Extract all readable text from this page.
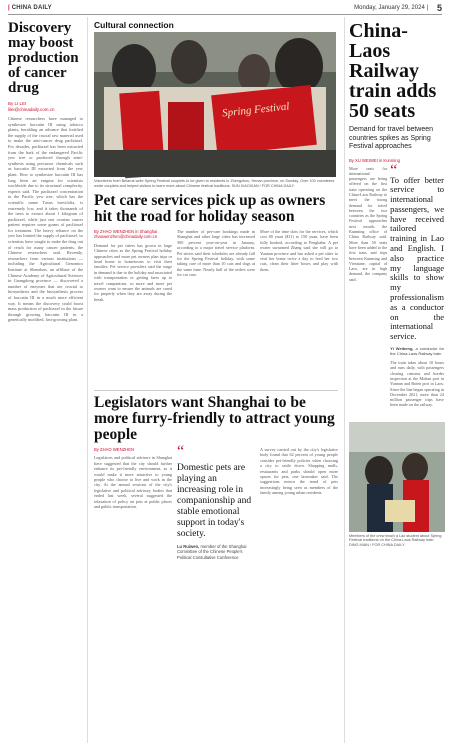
| CHINA DAILY	Monday, January 29, 2024 | 5
Discovery may boost production of cancer drug
By LI LEI
lilei@chinadaily.com.cn
Chinese researchers have managed to synthesize baccatin III using tobacco plants, heralding an advance that fortified the supply of the crucial raw material used to make the anti-cancer drug paclitaxel. For decades, paclitaxel has been extracted from the bark of the endangered Pacific yew tree or produced through semi-synthesis using precursor chemicals such as baccatin III extracted from the yew plant. How to synthesize baccatin III has long been an enigma for scientists worldwide due to its structural complexity, experts said. The paclitaxel concentration in the Pacific yew tree, which has the scientific name Taxus brevifolia, is extremely low, and it takes thousands of the trees to extract about 1 kilogram of paclitaxel, while just one ovarian cancer patient requires some grams of paclitaxel for treatment. The heavy reliance on the yew has limited the supply of paclitaxel, so scientists have sought to make the drug out of reach for many cancer patients, the Chinese researchers said. Recently, researchers from various institutions — including the Agricultural Genomics Institute at Shenzhen, an affiliate of the Chinese Academy of Agricultural Sciences in Guangdong province — discovered a number of enzymes that are crucial to biosynthesis and the biosynthesis process of baccatin III in a much more efficient way. It means the discovery could boost mass production of paclitaxel in the future through growing baccatin III in a genetically modified, fast-growing plant.
Cultural connection
Spring Festival
Volunteers from Belarus write Spring Festival couplets to be given to residents in Zhengzhou, Henan province, on Sunday. Over 100 volunteers wrote couplets and helped visitors to learn more about Chinese festival traditions. SUN XIAOXIAN / FOR CHINA DAILY
Pet care services pick up as owners hit the road for holiday season
By ZHAO WENZHEN in Shanghai
zhaowenzhen@chinadaily.com.cn
Demand for pet sitters has grown in large Chinese cities as the Spring Festival holiday approaches and more pet owners plan trips or head home to hometowns to visit their families. Pet service providers said the surge in demand is due to the holiday and associated with transportation or getting fares up to travel companions, so more and more pet owners want to ensure the animals are cared for properly when they are away during the break.
The number of pet-care bookings made in Shanghai and other large cities has increased 300 percent year-on-year in January, according to a major travel service platform. Pet sitters said their schedules are already full for the Spring Festival holiday, with some taking care of more than 10 cats and dogs at the same time. Nearly half of the orders were for cat care.
More of the time slots for the services, which cost 80 yuan ($11) to 150 yuan, have been fully booked, according to Pengbaba. A pet owner surnamed Zhang said she will go to Yunnan province and has asked a pet sitter to visit her home twice a day to feed her two cats, clean their litter boxes and play with them.
Legislators want Shanghai to be more furry-friendly to attract young people
By ZHAO WENZHEN
Legislators and political advisers in Shanghai have suggested that the city should further enhance its pet-friendly environment, as it would make it more attractive to young people who choose to live and work in the city. At the annual sessions of the city's legislative and political advisory bodies that ended last week, several suggested the relaxation of policy on pets at public places and public transportation.
“
Domestic pets are playing an increasing role in companionship and stable emotional support in today's society.
Lu Ruiwen, member of the Shanghai Committee of the Chinese People's Political Consultative Conference
A survey carried out by the city's legislative body found that 62 percent of young people consider pet-friendly policies when choosing a city to settle down. Shopping malls, restaurants and parks should open more spaces for pets, one lawmaker said. The suggestions mirror the trend of pets increasingly being seen as members of the family among young urban residents.
China-Laos Railway train adds 50 seats
Demand for travel between countries spikes as Spring Festival approaches
By XU WEIWEI in Kunming
More seats for international passengers are being offered on the first train operating on the China-Laos Railway to meet the strong demand for travel between the two countries as the Spring Festival approaches next month, the Kunming office of China Railway said. More than 50 seats have been added to the first train, and trips between Kunming and Vientiane, capital of Laos, are in high demand, the company said.
“
To offer better service to international passengers, we have received tailored training in Lao and English. I also practice my language skills to show my professionalism as a conductor on the international service.
Yi Weibeng, a conductor for the China-Laos Railway train
The train takes about 10 hours and runs daily, with passengers clearing customs and border inspection at the Mohan port in Yunnan and Boten port in Laos. Since the line began operating in December 2021, more than 24 million passenger trips have been made on the railway.
Members of the crew teach a Lao student about Spring Festival traditions on the China-Laos Railway train. DING MIAN / FOR CHINA DAILY
